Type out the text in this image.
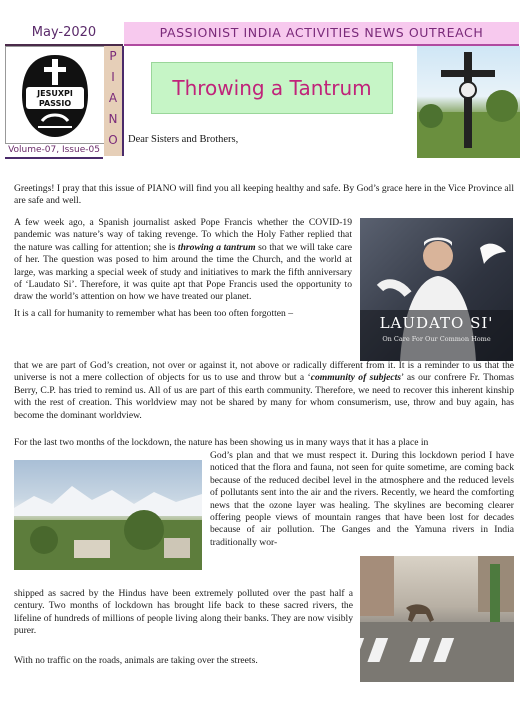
May-2020	PASSIONIST INDIA ACTIVITIES NEWS OUTREACH
JESUXPI
PASSIO
P
I
A
N
O
Volume-07, Issue-05
Throwing a Tantrum
Dear Sisters and Brothers,

Greetings! I pray that this issue of PIANO will find you all keeping healthy and safe. By God’s grace here in the Vice Province all are safe and well.

A few week ago, a Spanish journalist asked Pope Francis whether the COVID-19 pandemic was nature’s way of taking revenge. To which the Holy Father replied that the nature was calling for attention; she is throwing a tantrum so that we will take care of her. The question was posed to him around the time the Church, and the world at large, was marking a special week of study and initiatives to mark the fifth anniversary of ‘Laudato Si’. Therefore, it was quite apt that Pope Francis used the opportunity to draw the world’s attention on how we have treated our planet.

It is a call for humanity to remember what has been too often forgotten –

LAUDATO SI'
On Care For Our Common Home

that we are part of God’s creation, not over or against it, not above or radically different from it. It is a reminder to us that the universe is not a mere collection of objects for us to use and throw but a ‘community of subjects’ as our confrere Fr. Thomas Berry, C.P. has tried to remind us. All of us are part of this earth community. Therefore, we need to recover this inherent kinship with the rest of creation. This worldview may not be shared by many for whom consumerism, use, throw and buy again, has become the dominant worldview.

For the last two months of the lockdown, the nature has been showing us in many ways that it has a place in

God’s plan and that we must respect it. During this lockdown period I have noticed that the flora and fauna, not seen for quite sometime, are coming back because of the reduced decibel level in the atmosphere and the reduced levels of pollutants sent into the air and the rivers. Recently, we heard the comforting news that the ozone layer was healing. The skylines are becoming clearer offering people views of mountain ranges that have been lost for decades because of air pollution. The Ganges and the Yamuna rivers in India traditionally wor-

shipped as sacred by the Hindus have been extremely polluted over the past half a century. Two months of lockdown has brought life back to these sacred rivers, the lifeline of hundreds of millions of people living along their banks. They are now visibly purer.

With no traffic on the roads, animals are taking over the streets.
